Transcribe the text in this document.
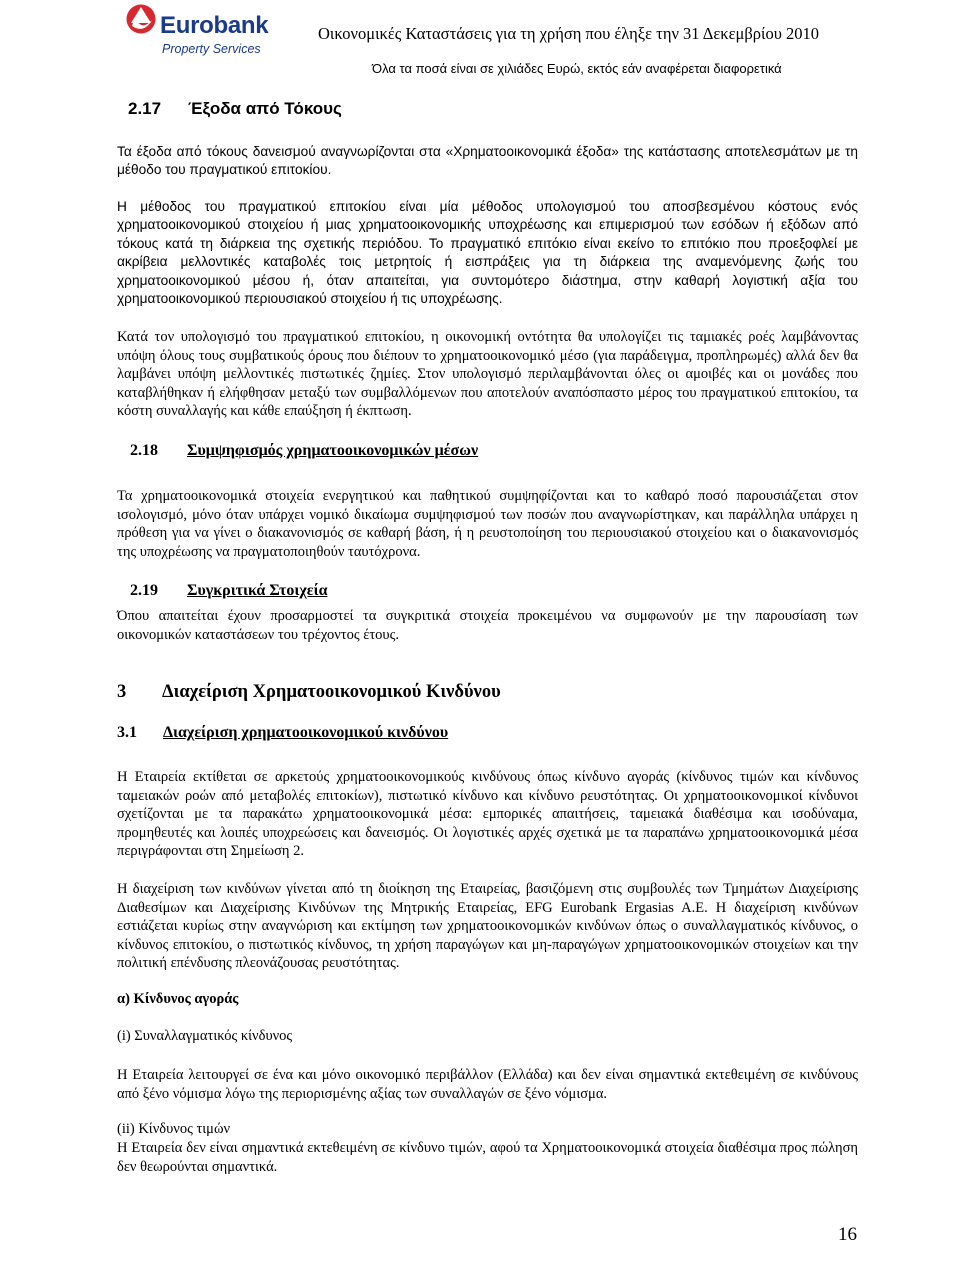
Eurobank
Property Services
Οικονομικές Καταστάσεις για τη χρήση που έληξε την 31 Δεκεμβρίου 2010
Όλα τα ποσά είναι σε χιλιάδες Ευρώ, εκτός εάν αναφέρεται διαφορετικά
2.17 Έξοδα από Τόκους

Τα έξοδα από τόκους δανεισμού αναγνωρίζονται στα «Χρηματοοικονομικά έξοδα» της κατάστασης αποτελεσμάτων με τη μέθοδο του πραγματικού επιτοκίου.

Η μέθοδος του πραγματικού επιτοκίου είναι μία μέθοδος υπολογισμού του αποσβεσμένου κόστους ενός χρηματοοικονομικού στοιχείου ή μιας χρηματοοικονομικής υποχρέωσης και επιμερισμού των εσόδων ή εξόδων από τόκους κατά τη διάρκεια της σχετικής περιόδου. Το πραγματικό επιτόκιο είναι εκείνο το επιτόκιο που προεξοφλεί με ακρίβεια μελλοντικές καταβολές τοις μετρητοίς ή εισπράξεις για τη διάρκεια της αναμενόμενης ζωής του χρηματοοικονομικού μέσου ή, όταν απαιτείται, για συντομότερο διάστημα, στην καθαρή λογιστική αξία του χρηματοοικονομικού περιουσιακού στοιχείου ή τις υποχρέωσης.

Κατά τον υπολογισμό του πραγματικού επιτοκίου, η οικονομική οντότητα θα υπολογίζει τις ταμιακές ροές λαμβάνοντας υπόψη όλους τους συμβατικούς όρους που διέπουν το χρηματοοικονομικό μέσο (για παράδειγμα, προπληρωμές) αλλά δεν θα λαμβάνει υπόψη μελλοντικές πιστωτικές ζημίες. Στον υπολογισμό περιλαμβάνονται όλες οι αμοιβές και οι μονάδες που καταβλήθηκαν ή ελήφθησαν μεταξύ των συμβαλλόμενων που αποτελούν αναπόσπαστο μέρος του πραγματικού επιτοκίου, τα κόστη συναλλαγής και κάθε επαύξηση ή έκπτωση.

2.18 Συμψηφισμός χρηματοοικονομικών μέσων

Τα χρηματοοικονομικά στοιχεία ενεργητικού και παθητικού συμψηφίζονται και το καθαρό ποσό παρουσιάζεται στον ισολογισμό, μόνο όταν υπάρχει νομικό δικαίωμα συμψηφισμού των ποσών που αναγνωρίστηκαν, και παράλληλα υπάρχει η πρόθεση για να γίνει ο διακανονισμός σε καθαρή βάση, ή η ρευστοποίηση του περιουσιακού στοιχείου και ο διακανονισμός της υποχρέωσης να πραγματοποιηθούν ταυτόχρονα.

2.19 Συγκριτικά Στοιχεία

Όπου απαιτείται έχουν προσαρμοστεί τα συγκριτικά στοιχεία προκειμένου να συμφωνούν με την παρουσίαση των οικονομικών καταστάσεων του τρέχοντος έτους.

3 Διαχείριση Χρηματοοικονομικού Κινδύνου
3.1 Διαχείριση χρηματοοικονομικού κινδύνου

Η Εταιρεία εκτίθεται σε αρκετούς χρηματοοικονομικούς κινδύνους όπως κίνδυνο αγοράς (κίνδυνος τιμών και κίνδυνος ταμειακών ροών από μεταβολές επιτοκίων), πιστωτικό κίνδυνο και κίνδυνο ρευστότητας. Οι χρηματοοικονομικοί κίνδυνοι σχετίζονται με τα παρακάτω χρηματοοικονομικά μέσα: εμπορικές απαιτήσεις, ταμειακά διαθέσιμα και ισοδύναμα, προμηθευτές και λοιπές υποχρεώσεις και δανεισμός. Οι λογιστικές αρχές σχετικά με τα παραπάνω χρηματοοικονομικά μέσα περιγράφονται στη Σημείωση 2.

Η διαχείριση των κινδύνων γίνεται από τη διοίκηση της Εταιρείας, βασιζόμενη στις συμβουλές των Τμημάτων Διαχείρισης Διαθεσίμων και Διαχείρισης Κινδύνων της Μητρικής Εταιρείας, EFG Eurobank Ergasias A.E. Η διαχείριση κινδύνων εστιάζεται κυρίως στην αναγνώριση και εκτίμηση των χρηματοοικονομικών κινδύνων όπως ο συναλλαγματικός κίνδυνος, ο κίνδυνος επιτοκίου, ο πιστωτικός κίνδυνος, τη χρήση παραγώγων και μη-παραγώγων χρηματοοικονομικών στοιχείων και την πολιτική επένδυσης πλεονάζουσας ρευστότητας.

α) Κίνδυνος αγοράς
(i) Συναλλαγματικός κίνδυνος

Η Εταιρεία λειτουργεί σε ένα και μόνο οικονομικό περιβάλλον (Ελλάδα) και δεν είναι σημαντικά εκτεθειμένη σε κινδύνους από ξένο νόμισμα λόγω της περιορισμένης αξίας των συναλλαγών σε ξένο νόμισμα.

(ii) Κίνδυνος τιμών

Η Εταιρεία δεν είναι σημαντικά εκτεθειμένη σε κίνδυνο τιμών, αφού τα Χρηματοοικονομικά στοιχεία διαθέσιμα προς πώληση δεν θεωρούνται σημαντικά.

16
